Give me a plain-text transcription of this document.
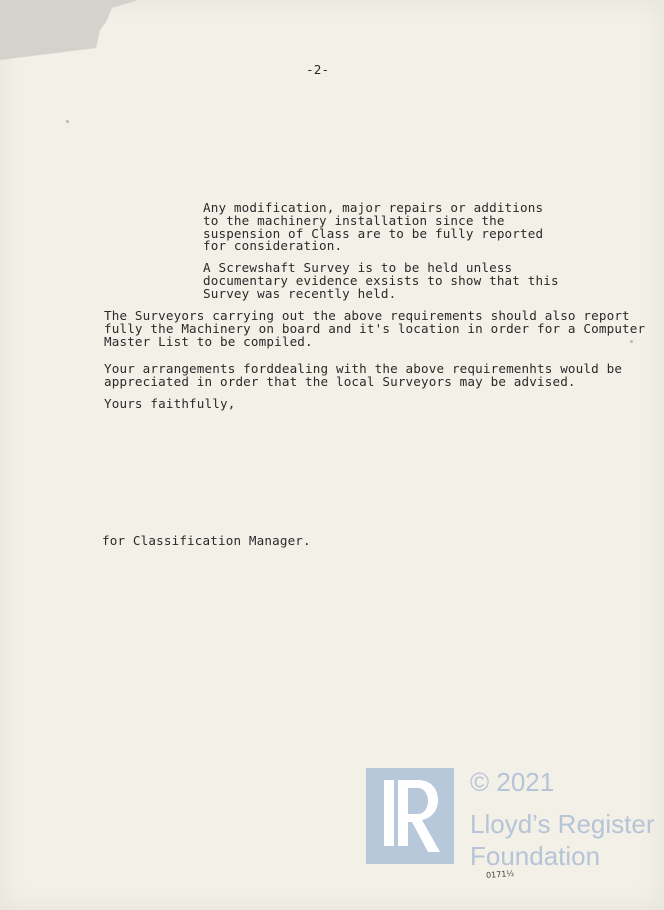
-2-
Any modification, major repairs or additions
to the machinery installation since the
suspension of Class are to be fully reported
for consideration.
A Screwshaft Survey is to be held unless
documentary evidence exsists to show that this
Survey was recently held.
The Surveyors carrying out the above requirements should also report
fully the Machinery on board and it's location in order for a Computer
Master List to be compiled.
Your arrangements forddealing with the above requiremenhts would be
appreciated in order that the local Surveyors may be advised.
Yours faithfully,
for Classification Manager.
© 2021
Lloyd’s Register
Foundation
0171½
